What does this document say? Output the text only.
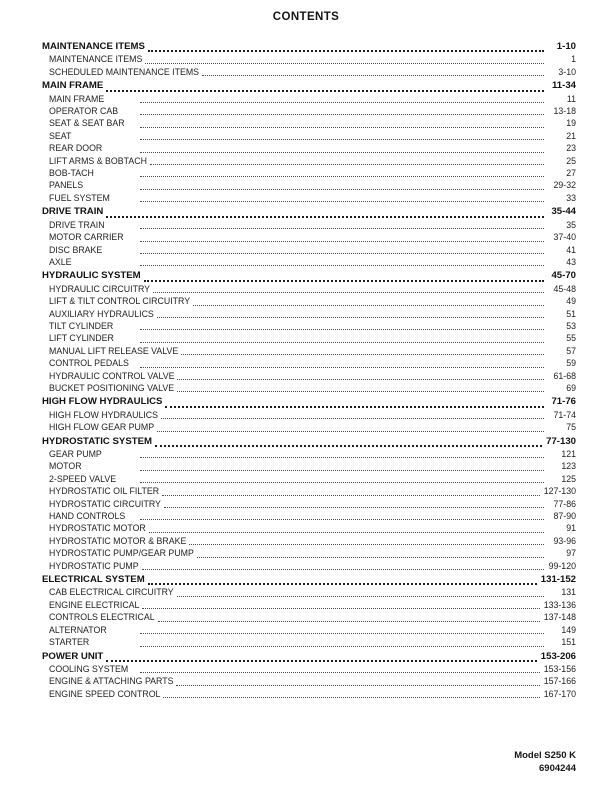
CONTENTS
MAINTENANCE ITEMS	1-10
MAINTENANCE ITEMS	1
SCHEDULED MAINTENANCE ITEMS	3-10
MAIN FRAME	11-34
MAIN FRAME	11
OPERATOR CAB	13-18
SEAT & SEAT BAR	19
SEAT	21
REAR DOOR	23
LIFT ARMS & BOBTACH	25
BOB-TACH	27
PANELS	29-32
FUEL SYSTEM	33
DRIVE TRAIN	35-44
DRIVE TRAIN	35
MOTOR CARRIER	37-40
DISC BRAKE	41
AXLE	43
HYDRAULIC SYSTEM	45-70
HYDRAULIC CIRCUITRY	45-48
LIFT & TILT CONTROL CIRCUITRY	49
AUXILIARY HYDRAULICS	51
TILT CYLINDER	53
LIFT CYLINDER	55
MANUAL LIFT RELEASE VALVE	57
CONTROL PEDALS	59
HYDRAULIC CONTROL VALVE	61-68
BUCKET POSITIONING VALVE	69
HIGH FLOW HYDRAULICS	71-76
HIGH FLOW HYDRAULICS	71-74
HIGH FLOW GEAR PUMP	75
HYDROSTATIC SYSTEM	77-130
GEAR PUMP	121
MOTOR	123
2-SPEED VALVE	125
HYDROSTATIC OIL FILTER	127-130
HYDROSTATIC CIRCUITRY	77-86
HAND CONTROLS	87-90
HYDROSTATIC MOTOR	91
HYDROSTATIC MOTOR & BRAKE	93-96
HYDROSTATIC PUMP/GEAR PUMP	97
HYDROSTATIC PUMP	99-120
ELECTRICAL SYSTEM	131-152
CAB ELECTRICAL CIRCUITRY	131
ENGINE ELECTRICAL	133-136
CONTROLS ELECTRICAL	137-148
ALTERNATOR	149
STARTER	151
POWER UNIT	153-206
COOLING SYSTEM	153-156
ENGINE & ATTACHING PARTS	157-166
ENGINE SPEED CONTROL	167-170
Model S250 K
6904244
